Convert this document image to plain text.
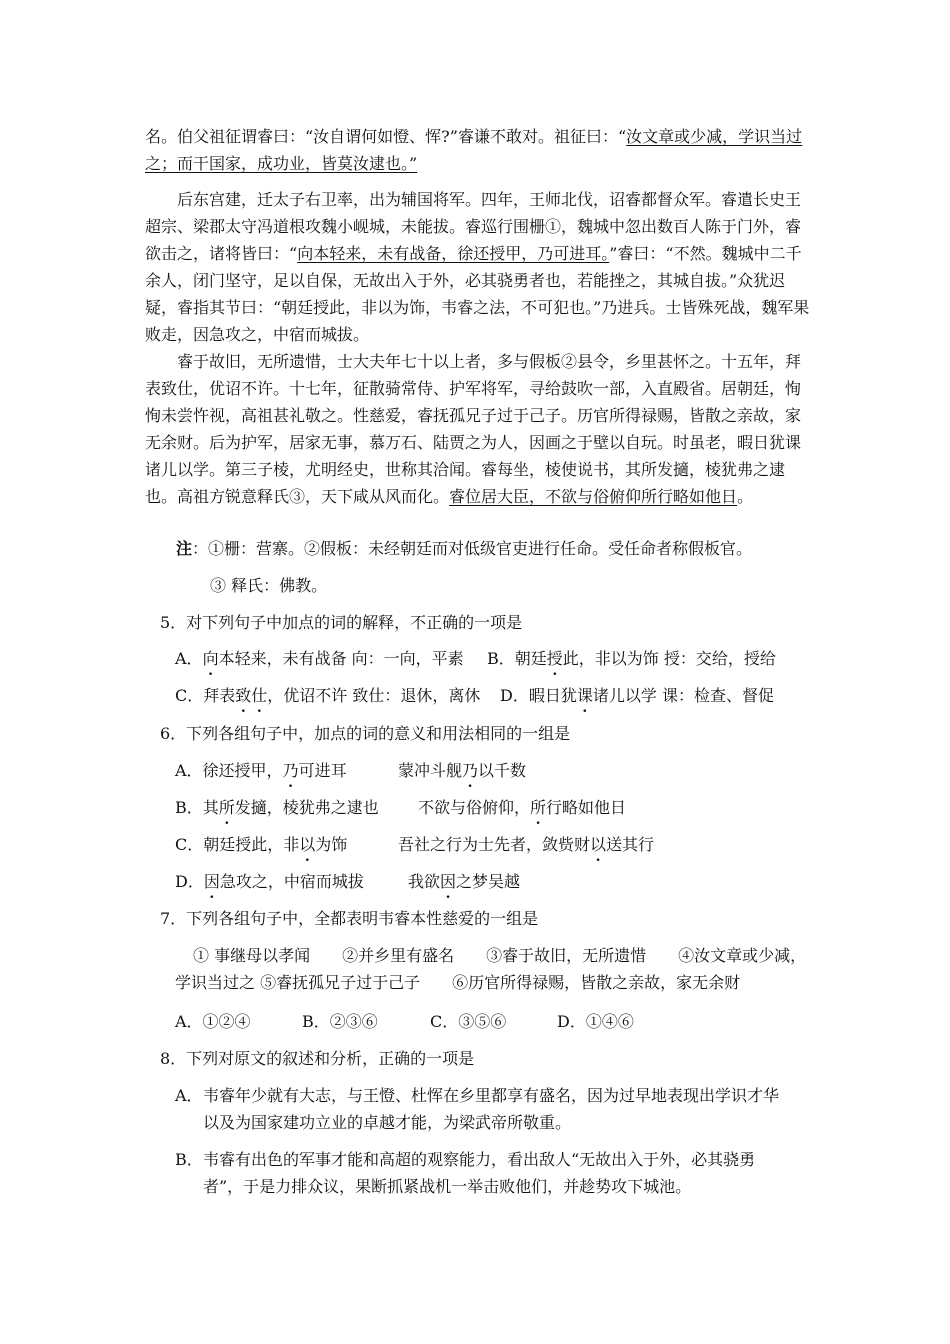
名。伯父祖征谓睿曰：“汝自谓何如憕、恽?”睿谦不敢对。祖征曰：“汝文章或少减，学识当过之；而干国家，成功业，皆莫汝逮也。”

后东宫建，迁太子右卫率，出为辅国将军。四年，王师北伐，诏睿都督众军。睿遣长史王超宗、梁郡太守冯道根攻魏小岘城，未能拔。睿巡行围栅①，魏城中忽出数百人陈于门外，睿欲击之，诸将皆曰：“向本轻来，未有战备，徐还授甲，乃可进耳。”睿曰：“不然。魏城中二千余人，闭门坚守，足以自保，无故出入于外，必其骁勇者也，若能挫之，其城自拔。”众犹迟疑，睿指其节曰：“朝廷授此，非以为饰，韦睿之法，不可犯也。”乃进兵。士皆殊死战，魏军果败走，因急攻之，中宿而城拔。

睿于故旧，无所遗惜，士大夫年七十以上者，多与假板②县令，乡里甚怀之。十五年，拜表致仕，优诏不许。十七年，征散骑常侍、护军将军，寻给鼓吹一部，入直殿省。居朝廷，恂恂未尝忤视，高祖甚礼敬之。性慈爱，睿抚孤兄子过于己子。历官所得禄赐，皆散之亲故，家无余财。后为护军，居家无事，慕万石、陆贾之为人，因画之于壁以自玩。时虽老，暇日犹课诸儿以学。第三子棱，尤明经史，世称其洽闻。睿每坐，棱使说书，其所发擿，棱犹弗之逮也。高祖方锐意释氏③，天下咸从风而化。睿位居大臣，不欲与俗俯仰所行略如他日。

注：①栅：营寨。②假板：未经朝廷而对低级官吏进行任命。受任命者称假板官。
③ 释氏：佛教。
5．对下列句子中加点的词的解释，不正确的一项是
A．向本轻来，未有战备 向：一向，平素 B．朝廷授此，非以为饰 授：交给，授给
C．拜表致仕，优诏不许 致仕：退休，离休 D．暇日犹课诸儿以学 课：检查、督促
6．下列各组句子中，加点的词的意义和用法相同的一组是
A．徐还授甲，乃可进耳	蒙冲斗舰乃以千数
B．其所发擿，棱犹弗之逮也 不欲与俗俯仰，所行略如他日
C．朝廷授此，非以为饰	吾社之行为士先者，敛赀财以送其行
D．因急攻之，中宿而城拔	我欲因之梦吴越
7．下列各组句子中，全都表明韦睿本性慈爱的一组是
① 事继母以孝闻　　②并乡里有盛名　　③睿于故旧，无所遗惜　　④汝文章或少减，
学识当过之 ⑤睿抚孤兄子过于己子　　⑥历官所得禄赐，皆散之亲故，家无余财
A．①②④	B．②③⑥	C．③⑤⑥	D．①④⑥
8．下列对原文的叙述和分析，正确的一项是
A． 韦睿年少就有大志，与王憕、杜恽在乡里都享有盛名，因为过早地表现出学识才华
以及为国家建功立业的卓越才能，为梁武帝所敬重。
B． 韦睿有出色的军事才能和高超的观察能力，看出敌人“无故出入于外，必其骁勇
者”，于是力排众议，果断抓紧战机一举击败他们，并趁势攻下城池。
